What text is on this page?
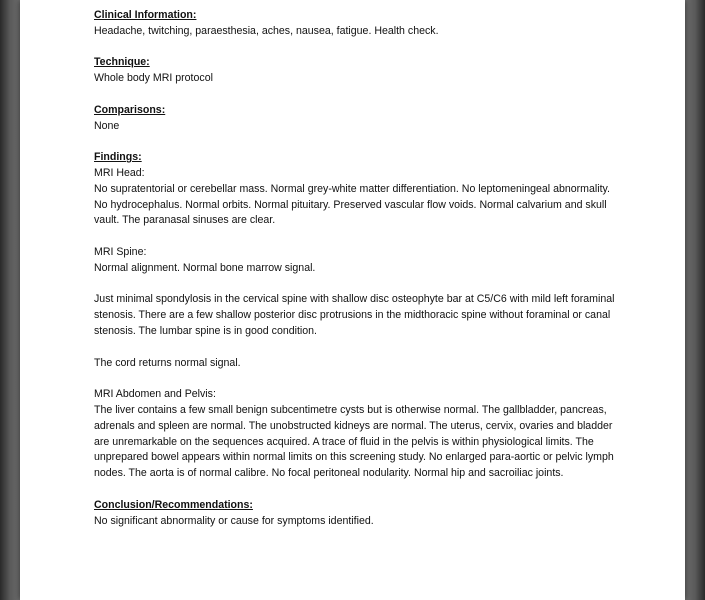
Clinical Information:

Headache, twitching, paraesthesia, aches, nausea, fatigue. Health check.

Technique:

Whole body MRI protocol

Comparisons:

None

Findings:

MRI Head:

No supratentorial or cerebellar mass. Normal grey-white matter differentiation. No leptomeningeal abnormality.

No hydrocephalus. Normal orbits. Normal pituitary. Preserved vascular flow voids. Normal calvarium and skull

vault. The paranasal sinuses are clear.

MRI Spine:

Normal alignment. Normal bone marrow signal.

Just minimal spondylosis in the cervical spine with shallow disc osteophyte bar at C5/C6 with mild left foraminal

stenosis. There are a few shallow posterior disc protrusions in the midthoracic spine without foraminal or canal

stenosis. The lumbar spine is in good condition.

The cord returns normal signal.

MRI Abdomen and Pelvis:

The liver contains a few small benign subcentimetre cysts but is otherwise normal. The gallbladder, pancreas,

adrenals and spleen are normal. The unobstructed kidneys are normal. The uterus, cervix, ovaries and bladder

are unremarkable on the sequences acquired. A trace of fluid in the pelvis is within physiological limits. The

unprepared bowel appears within normal limits on this screening study. No enlarged para-aortic or pelvic lymph

nodes. The aorta is of normal calibre. No focal peritoneal nodularity. Normal hip and sacroiliac joints.

Conclusion/Recommendations:

No significant abnormality or cause for symptoms identified.
